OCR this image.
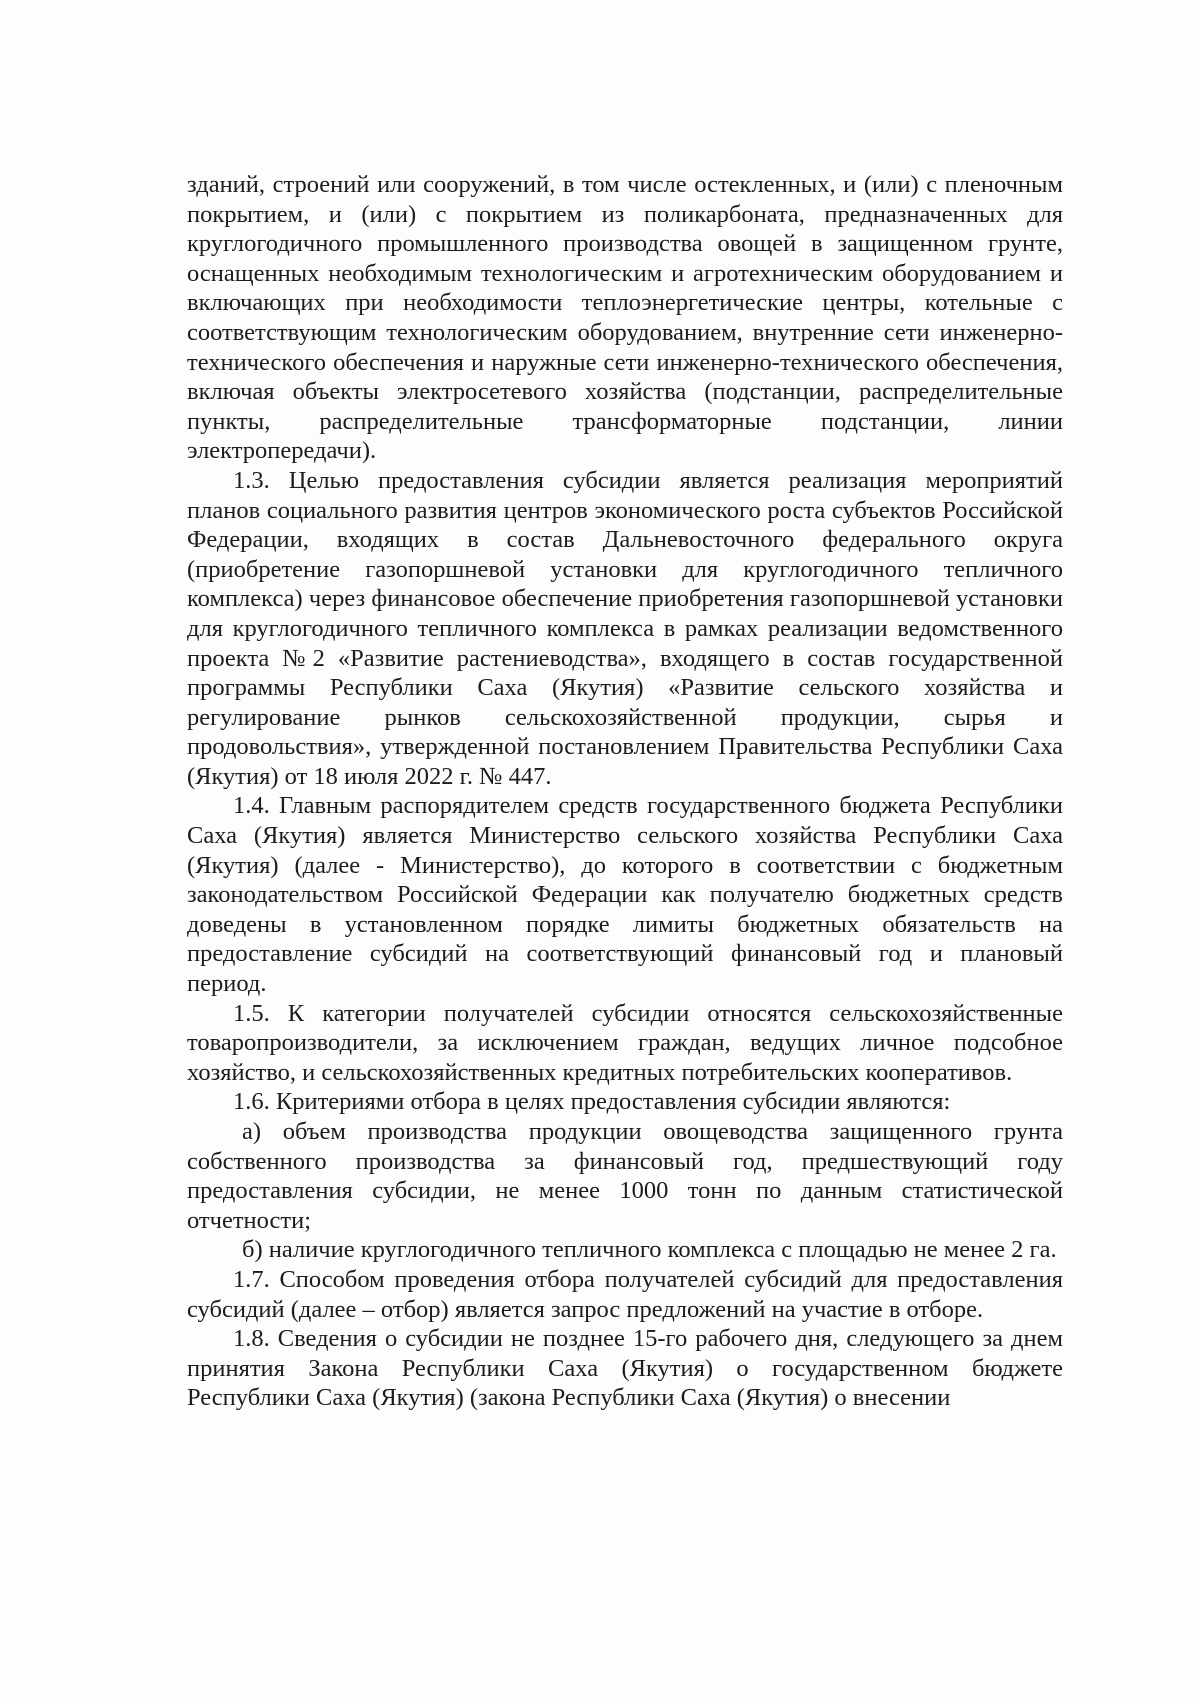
зданий, строений или сооружений, в том числе остекленных, и (или) с пленочным покрытием, и (или) с покрытием из поликарбоната, предназначенных для круглогодичного промышленного производства овощей в защищенном грунте, оснащенных необходимым технологическим и агротехническим оборудованием и включающих при необходимости теплоэнергетические центры, котельные с соответствующим технологическим оборудованием, внутренние сети инженерно-технического обеспечения и наружные сети инженерно-технического обеспечения, включая объекты электросетевого хозяйства (подстанции, распределительные пункты, распределительные трансформаторные подстанции, линии электропередачи).

1.3. Целью предоставления субсидии является реализация мероприятий планов социального развития центров экономического роста субъектов Российской Федерации, входящих в состав Дальневосточного федерального округа (приобретение газопоршневой установки для круглогодичного тепличного комплекса) через финансовое обеспечение приобретения газопоршневой установки для круглогодичного тепличного комплекса в рамках реализации ведомственного проекта №2 «Развитие растениеводства», входящего в состав государственной программы Республики Саха (Якутия) «Развитие сельского хозяйства и регулирование рынков сельскохозяйственной продукции, сырья и продовольствия», утвержденной постановлением Правительства Республики Саха (Якутия) от 18 июля 2022 г. № 447.

1.4. Главным распорядителем средств государственного бюджета Республики Саха (Якутия) является Министерство сельского хозяйства Республики Саха (Якутия) (далее - Министерство), до которого в соответствии с бюджетным законодательством Российской Федерации как получателю бюджетных средств доведены в установленном порядке лимиты бюджетных обязательств на предоставление субсидий на соответствующий финансовый год и плановый период.

1.5. К категории получателей субсидии относятся сельскохозяйственные товаропроизводители, за исключением граждан, ведущих личное подсобное хозяйство, и сельскохозяйственных кредитных потребительских кооперативов.

1.6. Критериями отбора в целях предоставления субсидии являются:

а) объем производства продукции овощеводства защищенного грунта собственного производства за финансовый год, предшествующий году предоставления субсидии, не менее 1000 тонн по данным статистической отчетности;

б) наличие круглогодичного тепличного комплекса с площадью не менее 2 га.

1.7. Способом проведения отбора получателей субсидий для предоставления субсидий (далее – отбор) является запрос предложений на участие в отборе.

1.8. Сведения о субсидии не позднее 15-го рабочего дня, следующего за днем принятия Закона Республики Саха (Якутия) о государственном бюджете Республики Саха (Якутия) (закона Республики Саха (Якутия) о внесении
